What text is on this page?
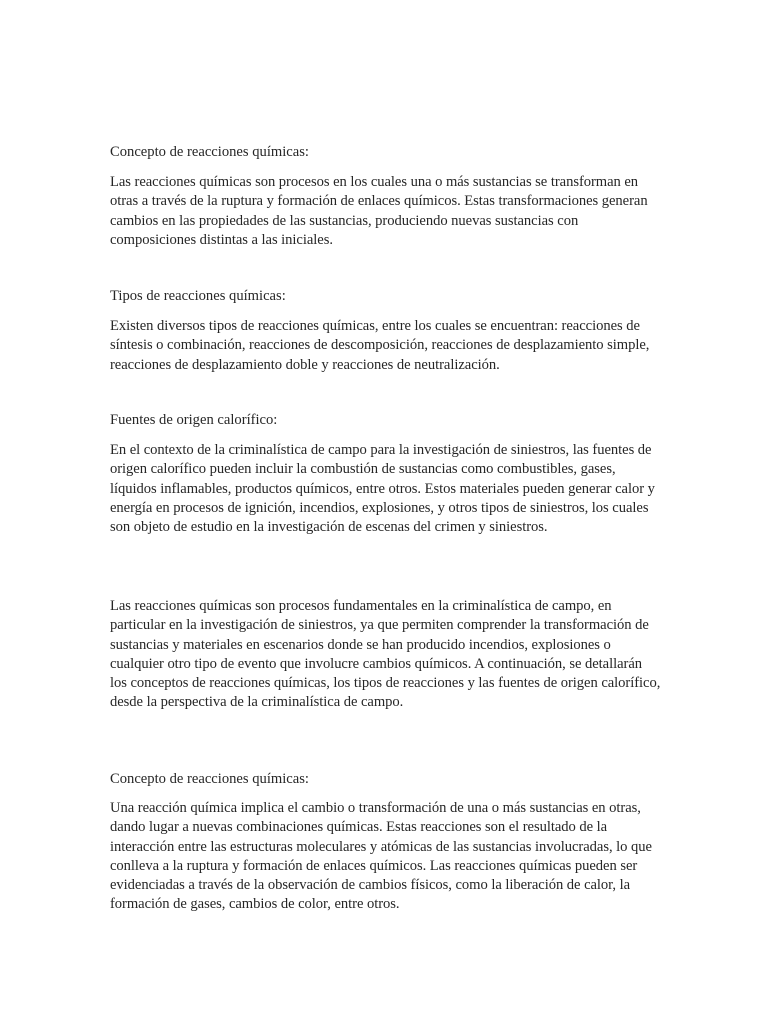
Concepto de reacciones químicas:

Las reacciones químicas son procesos en los cuales una o más sustancias se transforman en otras a través de la ruptura y formación de enlaces químicos. Estas transformaciones generan cambios en las propiedades de las sustancias, produciendo nuevas sustancias con composiciones distintas a las iniciales.

Tipos de reacciones químicas:

Existen diversos tipos de reacciones químicas, entre los cuales se encuentran: reacciones de síntesis o combinación, reacciones de descomposición, reacciones de desplazamiento simple, reacciones de desplazamiento doble y reacciones de neutralización.

Fuentes de origen calorífico:

En el contexto de la criminalística de campo para la investigación de siniestros, las fuentes de origen calorífico pueden incluir la combustión de sustancias como combustibles, gases, líquidos inflamables, productos químicos, entre otros. Estos materiales pueden generar calor y energía en procesos de ignición, incendios, explosiones, y otros tipos de siniestros, los cuales son objeto de estudio en la investigación de escenas del crimen y siniestros.

Las reacciones químicas son procesos fundamentales en la criminalística de campo, en particular en la investigación de siniestros, ya que permiten comprender la transformación de sustancias y materiales en escenarios donde se han producido incendios, explosiones o cualquier otro tipo de evento que involucre cambios químicos. A continuación, se detallarán los conceptos de reacciones químicas, los tipos de reacciones y las fuentes de origen calorífico, desde la perspectiva de la criminalística de campo.

Concepto de reacciones químicas:

Una reacción química implica el cambio o transformación de una o más sustancias en otras, dando lugar a nuevas combinaciones químicas. Estas reacciones son el resultado de la interacción entre las estructuras moleculares y atómicas de las sustancias involucradas, lo que conlleva a la ruptura y formación de enlaces químicos. Las reacciones químicas pueden ser evidenciadas a través de la observación de cambios físicos, como la liberación de calor, la formación de gases, cambios de color, entre otros.
